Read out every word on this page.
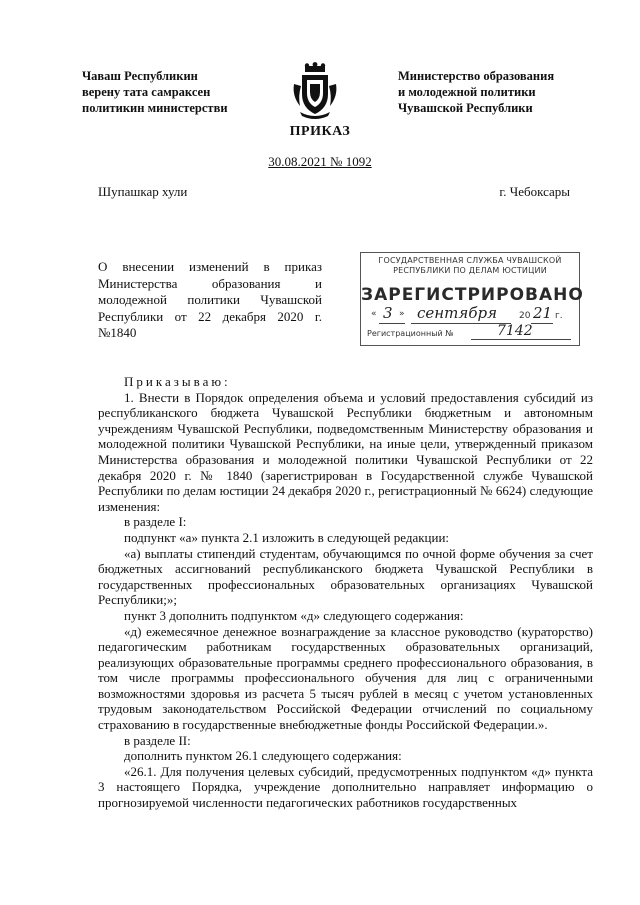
Чаваш Республикин
верену тата самраксен
политикин министерстви
Министерство образования
и молодежной политики
Чувашской Республики
ПРИКАЗ
30.08.2021 № 1092
Шупашкар хули	г. Чебоксары
О внесении изменений в приказ Министерства образования и молодежной политики Чувашской Республики от 22 декабря 2020 г. №1840
ГОСУДАРСТВЕННАЯ СЛУЖБА ЧУВАШСКОЙ
РЕСПУБЛИКИ ПО ДЕЛАМ ЮСТИЦИИ
ЗАРЕГИСТРИРОВАНО
« 3 » сентября 20 21 г.
Регистрационный №	7142

Приказываю:

1. Внести в Порядок определения объема и условий предоставления субсидий из республиканского бюджета Чувашской Республики бюджетным и автономным учреждениям Чувашской Республики, подведомственным Министерству образования и молодежной политики Чувашской Республики, на иные цели, утвержденный приказом Министерства образования и молодежной политики Чувашской Республики от 22 декабря 2020 г. № 1840 (зарегистрирован в Государственной службе Чувашской Республики по делам юстиции 24 декабря 2020 г., регистрационный № 6624) следующие изменения:

в разделе I:

подпункт «а» пункта 2.1 изложить в следующей редакции:

«а) выплаты стипендий студентам, обучающимся по очной форме обучения за счет бюджетных ассигнований республиканского бюджета Чувашской Республики в государственных профессиональных образовательных организациях Чувашской Республики;»;

пункт 3 дополнить подпунктом «д» следующего содержания:

«д) ежемесячное денежное вознаграждение за классное руководство (кураторство) педагогическим работникам государственных образовательных организаций, реализующих образовательные программы среднего профессионального образования, в том числе программы профессионального обучения для лиц с ограниченными возможностями здоровья из расчета 5 тысяч рублей в месяц с учетом установленных трудовым законодательством Российской Федерации отчислений по социальному страхованию в государственные внебюджетные фонды Российской Федерации.».

в разделе II:

дополнить пунктом 26.1 следующего содержания:

«26.1. Для получения целевых субсидий, предусмотренных подпунктом «д» пункта 3 настоящего Порядка, учреждение дополнительно направляет информацию о прогнозируемой численности педагогических работников государственных
